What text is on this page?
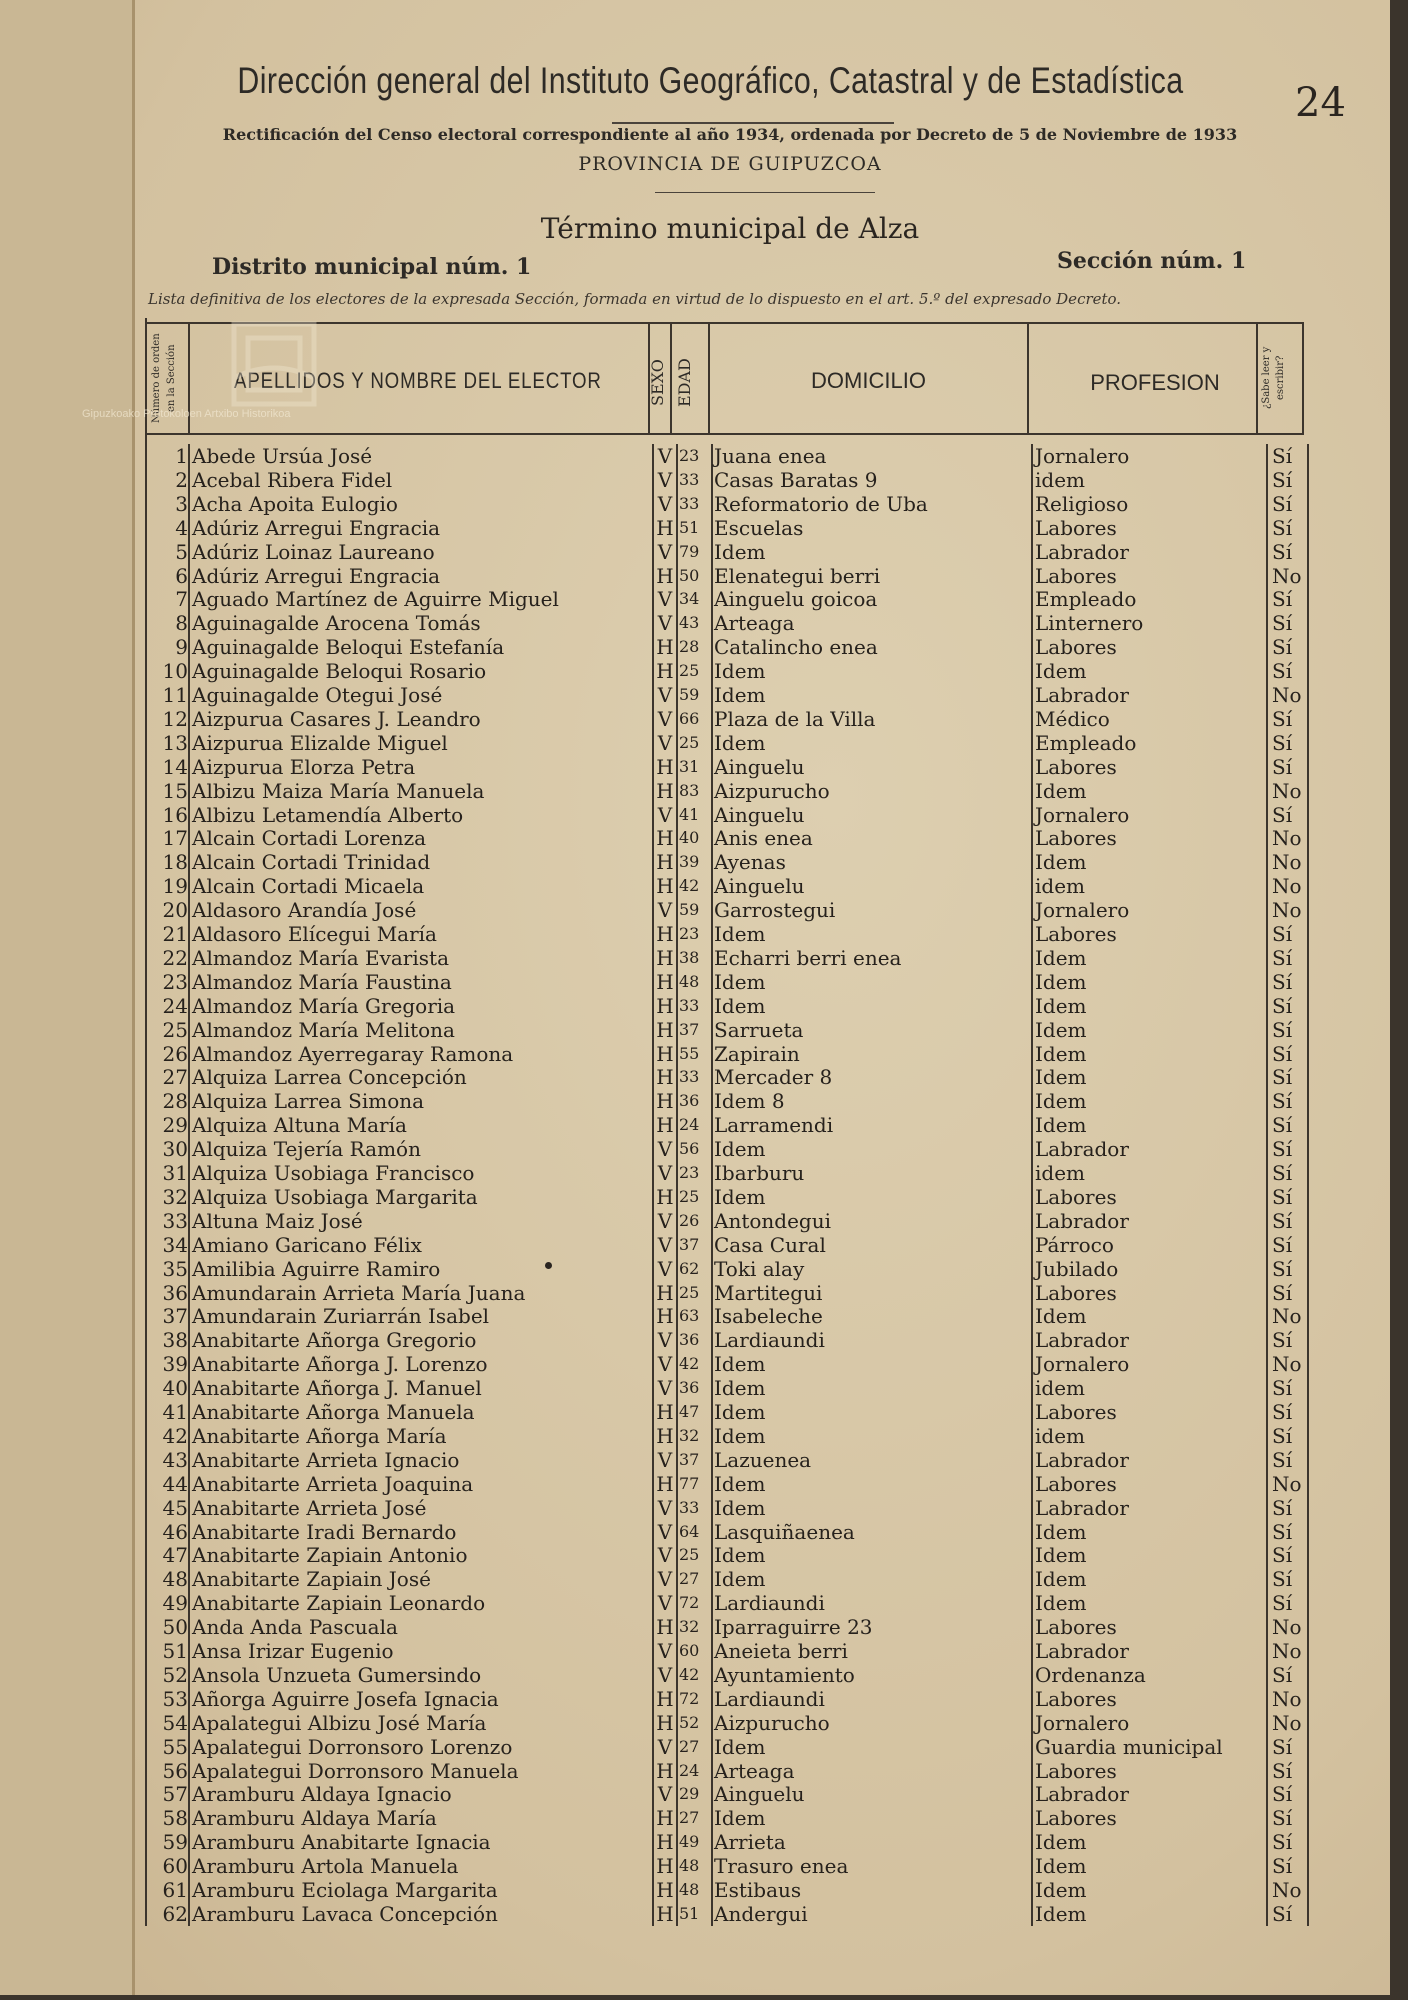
Dirección general del Instituto Geográfico, Catastral y de Estadística	24
Rectificación del Censo electoral correspondiente al año 1934, ordenada por Decreto de 5 de Noviembre de 1933
PROVINCIA DE GUIPUZCOA
Término municipal de Alza
Distrito municipal núm. 1	Sección núm. 1
Lista definitiva de los electores de la expresada Sección, formada en virtud de lo dispuesto en el art. 5.º del expresado Decreto.
Número de orden en la Sección	APELLIDOS Y NOMBRE DEL ELECTOR	SEXO EDAD	DOMICILIO	PROFESION	¿Sabe leer y escribir?
Gipuzkoako Protokoloen Artxibo Historikoa
1 Abede Ursúa José	V 23 Juana enea	Jornalero	Sí
2 Acebal Ribera Fidel	V 33 Casas Baratas 9	idem	Sí
3 Acha Apoita Eulogio	V 33 Reformatorio de Uba	Religioso	Sí
4 Adúriz Arregui Engracia	H 51 Escuelas	Labores	Sí
5 Adúriz Loinaz Laureano	V 79 Idem	Labrador	Sí
6 Adúriz Arregui Engracia	H 50 Elenategui berri	Labores	No
7 Aguado Martínez de Aguirre Miguel	V 34 Ainguelu goicoa	Empleado	Sí
8 Aguinagalde Arocena Tomás	V 43 Arteaga	Linternero	Sí
9 Aguinagalde Beloqui Estefanía	H 28 Catalincho enea	Labores	Sí
10 Aguinagalde Beloqui Rosario	H 25 Idem	Idem	Sí
11 Aguinagalde Otegui José	V 59 Idem	Labrador	No
12 Aizpurua Casares J. Leandro	V 66 Plaza de la Villa	Médico	Sí
13 Aizpurua Elizalde Miguel	V 25 Idem	Empleado	Sí
14 Aizpurua Elorza Petra	H 31 Ainguelu	Labores	Sí
15 Albizu Maiza María Manuela	H 83 Aizpurucho	Idem	No
16 Albizu Letamendía Alberto	V 41 Ainguelu	Jornalero	Sí
17 Alcain Cortadi Lorenza	H 40 Anis enea	Labores	No
18 Alcain Cortadi Trinidad	H 39 Ayenas	Idem	No
19 Alcain Cortadi Micaela	H 42 Ainguelu	idem	No
20 Aldasoro Arandía José	V 59 Garrostegui	Jornalero	No
21 Aldasoro Elícegui María	H 23 Idem	Labores	Sí
22 Almandoz María Evarista	H 38 Echarri berri enea	Idem	Sí
23 Almandoz María Faustina	H 48 Idem	Idem	Sí
24 Almandoz María Gregoria	H 33 Idem	Idem	Sí
25 Almandoz María Melitona	H 37 Sarrueta	Idem	Sí
26 Almandoz Ayerregaray Ramona	H 55 Zapirain	Idem	Sí
27 Alquiza Larrea Concepción	H 33 Mercader 8	Idem	Sí
28 Alquiza Larrea Simona	H 36 Idem 8	Idem	Sí
29 Alquiza Altuna María	H 24 Larramendi	Idem	Sí
30 Alquiza Tejería Ramón	V 56 Idem	Labrador	Sí
31 Alquiza Usobiaga Francisco	V 23 Ibarburu	idem	Sí
32 Alquiza Usobiaga Margarita	H 25 Idem	Labores	Sí
33 Altuna Maiz José	V 26 Antondegui	Labrador	Sí
34 Amiano Garicano Félix	V 37 Casa Cural	Párroco	Sí
35 Amilibia Aguirre Ramiro	V 62 Toki alay	Jubilado	Sí
36 Amundarain Arrieta María Juana	H 25 Martitegui	Labores	Sí
37 Amundarain Zuriarrán Isabel	H 63 Isabeleche	Idem	No
38 Anabitarte Añorga Gregorio	V 36 Lardiaundi	Labrador	Sí
39 Anabitarte Añorga J. Lorenzo	V 42 Idem	Jornalero	No
40 Anabitarte Añorga J. Manuel	V 36 Idem	idem	Sí
41 Anabitarte Añorga Manuela	H 47 Idem	Labores	Sí
42 Anabitarte Añorga María	H 32 Idem	idem	Sí
43 Anabitarte Arrieta Ignacio	V 37 Lazuenea	Labrador	Sí
44 Anabitarte Arrieta Joaquina	H 77 Idem	Labores	No
45 Anabitarte Arrieta José	V 33 Idem	Labrador	Sí
46 Anabitarte Iradi Bernardo	V 64 Lasquiñaenea	Idem	Sí
47 Anabitarte Zapiain Antonio	V 25 Idem	Idem	Sí
48 Anabitarte Zapiain José	V 27 Idem	Idem	Sí
49 Anabitarte Zapiain Leonardo	V 72 Lardiaundi	Idem	Sí
50 Anda Anda Pascuala	H 32 Iparraguirre 23	Labores	No
51 Ansa Irizar Eugenio	V 60 Aneieta berri	Labrador	No
52 Ansola Unzueta Gumersindo	V 42 Ayuntamiento	Ordenanza	Sí
53 Añorga Aguirre Josefa Ignacia	H 72 Lardiaundi	Labores	No
54 Apalategui Albizu José María	H 52 Aizpurucho	Jornalero	No
55 Apalategui Dorronsoro Lorenzo	V 27 Idem	Guardia municipal Sí
56 Apalategui Dorronsoro Manuela	H 24 Arteaga	Labores	Sí
57 Aramburu Aldaya Ignacio	V 29 Ainguelu	Labrador	Sí
58 Aramburu Aldaya María	H 27 Idem	Labores	Sí
59 Aramburu Anabitarte Ignacia	H 49 Arrieta	Idem	Sí
60 Aramburu Artola Manuela	H 48 Trasuro enea	Idem	Sí
61 Aramburu Eciolaga Margarita	H 48 Estibaus	Idem	No
62 Aramburu Lavaca Concepción	H 51 Andergui	Idem	Sí
